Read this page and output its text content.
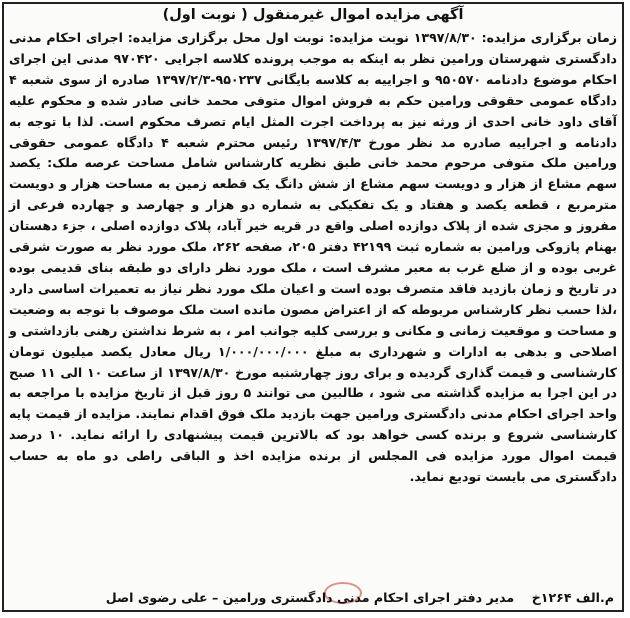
آگهی مزایده اموال غیرمنقول ( نوبت اول)

زمان برگزاری مزایده: ۱۳۹۷/۸/۳۰ نوبت مزایده: نوبت اول محل برگزاری مزایده: اجرای احکام مدنی دادگستری شهرستان ورامین نظر به اینکه به موجب پرونده کلاسه اجرایی ۹۷۰۴۲۰ مدنی این اجرای احکام موضوع دادنامه ۹۵۰۵۷۰ و اجراییه به کلاسه بایگانی ۹۵۰۲۳۷-۱۳۹۷/۲/۳ صادره از سوی شعبه ۴ دادگاه عمومی حقوقی ورامین حکم به فروش اموال متوفی محمد خانی صادر شده و محکوم علیه آقای داود خانی احدی از ورثه نیز به پرداخت اجرت المثل ایام تصرف محکوم است. لذا با توجه به دادنامه و اجراییه صادره مد نظر مورخ ۱۳۹۷/۴/۳ رئیس محترم شعبه ۴ دادگاه عمومی حقوقی ورامین ملک متوفی مرحوم محمد خانی طبق نظریه کارشناس شامل مساحت عرصه ملک: یکصد سهم مشاع از هزار و دویست سهم مشاع از شش دانگ یک قطعه زمین به مساحت هزار و دویست مترمربع ، قطعه یکصد و هفتاد و یک تفکیکی به شماره دو هزار و چهارصد و چهارده فرعی از مفروز و مجزی شده از پلاک دوازده اصلی واقع در قریه خیر آباد، پلاک دوازده اصلی ، جزء دهستان بهنام پازوکی ورامین به شماره ثبت ۴۲۱۹۹ دفتر ۲۰۵، صفحه ۲۶۲، ملک مورد نظر به صورت شرقی غربی بوده و از ضلع غرب به معبر مشرف است ، ملک مورد نظر دارای دو طبقه بنای قدیمی بوده در تاریخ و زمان بازدید فاقد متصرف بوده است و اعیان ملک مورد نظر نیاز به تعمیرات اساسی دارد ،لذا حسب نظر کارشناس مربوطه که از اعتراض مصون مانده است ملک موصوف با توجه به وضعیت و مساحت و موقعیت زمانی و مکانی و بررسی کلیه جوانب امر ، به شرط نداشتن رهنی بازداشتی و اصلاحی و بدهی به ادارات و شهرداری به مبلغ ۱/۰۰۰/۰۰۰/۰۰۰ ریال معادل یکصد میلیون تومان کارشناسی و قیمت گذاری گردیده و برای روز چهارشنبه مورخ ۱۳۹۷/۸/۳۰ از ساعت ۱۰ الی ۱۱ صبح در این اجرا به مزایده گذاشته می شود ، طالبین می توانند ۵ روز قبل از تاریخ مزایده با مراجعه به واحد اجرای احکام مدنی دادگستری ورامین جهت بازدید ملک فوق اقدام نمایند. مزایده از قیمت پایه کارشناسی شروع و برنده کسی خواهد بود که بالاترین قیمت پیشنهادی را ارائه نماید. ۱۰ درصد قیمت اموال مورد مزایده فی المجلس از برنده مزایده اخذ و الباقی راطی دو ماه به حساب دادگستری می بایست تودیع نماید.

م.الف ۱۲۶۴خ    مدیر دفتر اجرای احکام مدنی دادگستری ورامین – علی رضوی اصل
